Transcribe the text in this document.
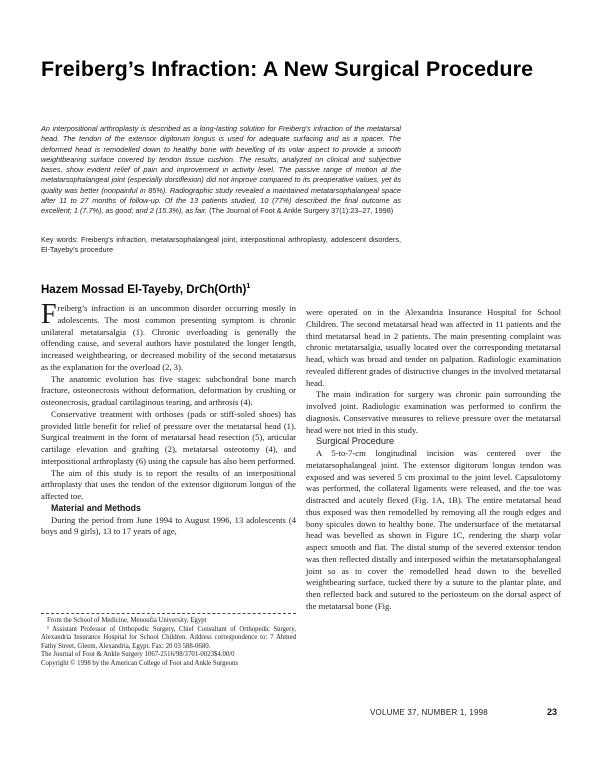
Freiberg’s Infraction: A New Surgical Procedure
An interpositional arthroplasty is described as a long-lasting solution for Freiberg’s infraction of the metatarsal head. The tendon of the extensor digitorum longus is used for adequate surfacing and as a spacer. The deformed head is remodelled down to healthy bone with bevelling of its volar aspect to provide a smooth weightbearing surface covered by tendon tissue cushion. The results, analyzed on clinical and subjective bases, show evident relief of pain and improvement in activity level. The passive range of motion at the metatarsophalangeal joint (especially dorsiflexion) did not improve compared to its preoperative values, yet its quality was better (nonpainful in 85%). Radiographic study revealed a maintained metatarsophalangeal space after 11 to 27 months of follow-up. Of the 13 patients studied, 10 (77%) described the final outcome as excellent; 1 (7.7%), as good; and 2 (15.3%), as fair. (The Journal of Foot & Ankle Surgery 37(1):23–27, 1998)
Key words: Freiberg’s infraction, metatarsophalangeal joint, interpositional arthroplasty, adolescent disorders, El-Tayeby’s procedure
Hazem Mossad El-Tayeby, DrCh(Orth)$^1$

Freiberg’s infraction is an uncommon disorder occurring mostly in adolescents. The most common presenting symptom is chronic unilateral metatarsalgia (1). Chronic overloading is generally the offending cause, and several authors have postulated the longer length, increased weightbearing, or decreased mobility of the second metatarsus as the explanation for the overload (2, 3).

The anatomic evolution has five stages: subchondral bone march fracture, osteonecrosis without deformation, deformation by crushing or osteonecrosis, gradual cartilaginous tearing, and arthrosis (4).

Conservative treatment with orthoses (pads or stiff-soled shoes) has provided little benefit for relief of pressure over the metatarsal head (1). Surgical treatment in the form of metatarsal head resection (5), articular cartilage elevation and grafting (2), metatarsal osteotomy (4), and interpositional arthroplasty (6) using the capsule has also been performed.

The aim of this study is to report the results of an interpositional arthroplasty that uses the tendon of the extensor digitorum longus of the affected toe.

Material and Methods

During the period from June 1994 to August 1996, 13 adolescents (4 boys and 9 girls), 13 to 17 years of age,

From the School of Medicine, Menoufia University, Egypt

¹ Assistant Professor of Orthopedic Surgery, Chief Consultant of Orthopedic Surgery, Alexandria Insurance Hospital for School Children. Address correspondence to: 7 Ahmed Fathy Street, Gleem, Alexandria, Egypt. Fax: 20 03 588-0680.

The Journal of Foot & Ankle Surgery 1067-2516/98/3701-0023$4.00/0

Copyright © 1998 by the American College of Foot and Ankle Surgeons

were operated on in the Alexandria Insurance Hospital for School Children. The second metatarsal head was affected in 11 patients and the third metatarsal head in 2 patients. The main presenting complaint was chronic metatarsalgia, usually located over the corresponding metatarsal head, which was broad and tender on palpation. Radiologic examination revealed different grades of distructive changes in the involved metatarsal head.

The main indication for surgery was chronic pain surrounding the involved joint. Radiologic examination was performed to confirm the diagnosis. Conservative measures to relieve pressure over the metatarsal head were not tried in this study.

Surgical Procedure

A 5-to-7-cm longitudinal incision was centered over the metatarsophalangeal joint. The extensor digitorum longus tendon was exposed and was severed 5 cm proximal to the joint level. Capsulotomy was performed, the collateral ligaments were released, and the toe was distracted and acutely flexed (Fig. 1A, 1B). The entire metatarsal head thus exposed was then remodelled by removing all the rough edges and bony spicules down to healthy bone. The undersurface of the metatarsal head was bevelled as shown in Figure 1C, rendering the sharp volar aspect smooth and flat. The distal stump of the severed extensor tendon was then reflected distally and interposed within the metatarsophalangeal joint so as to cover the remodelled head down to the bevelled weightbearing surface, tucked there by a suture to the plantar plate, and then reflected back and sutured to the periosteum on the dorsal aspect of the metatarsal bone (Fig.

VOLUME 37, NUMBER 1, 1998	23
